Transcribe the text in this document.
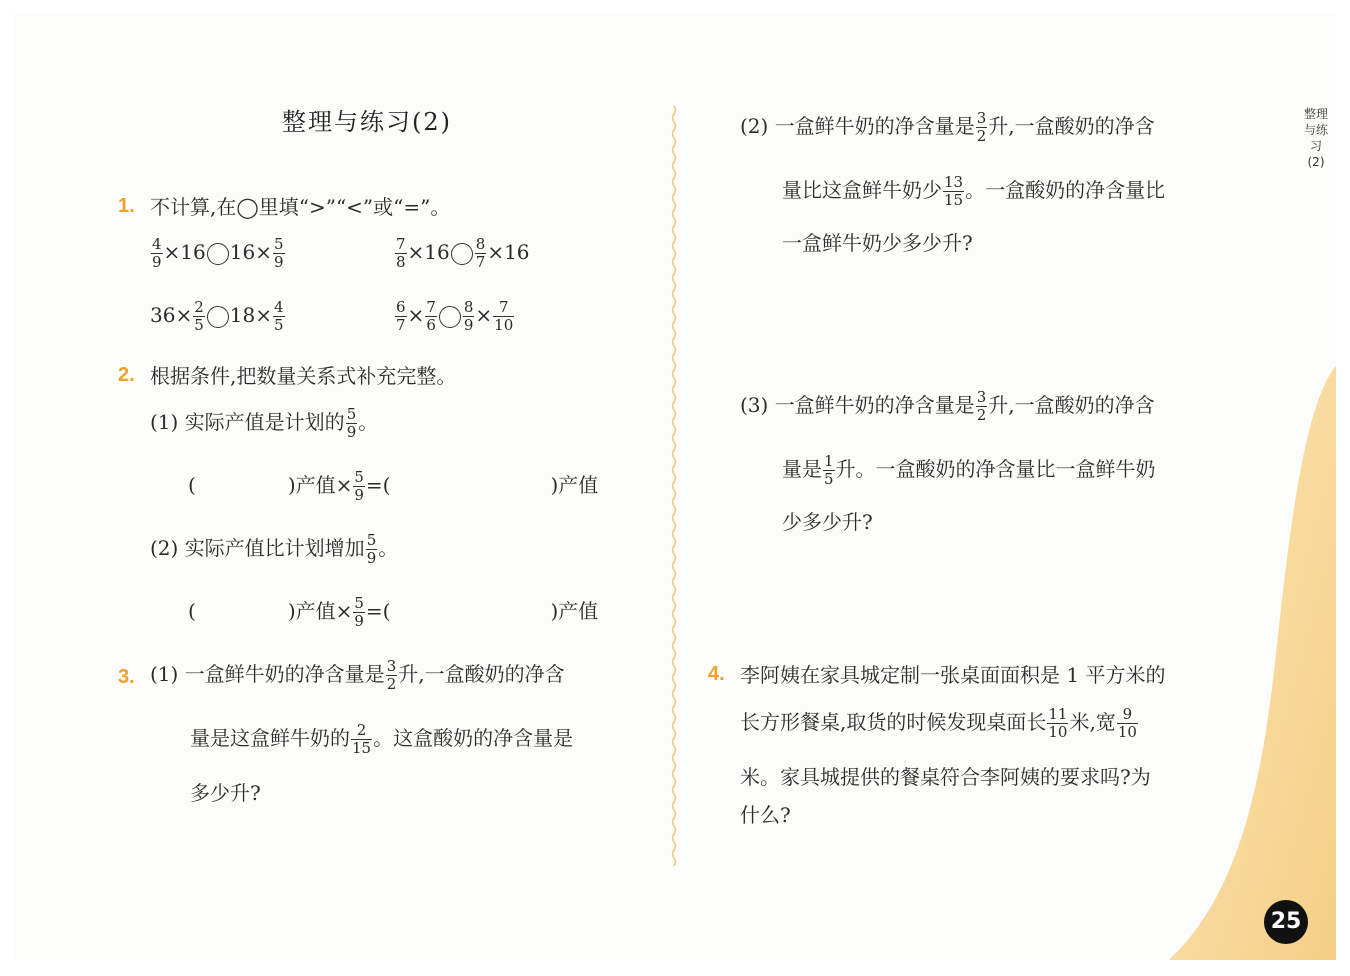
整理与练习(2)
1. 不计算,在◯里填“>”“<”或“=”。
$\frac{4}{9} \times 16$ $16\times \frac{5}{9}$	$\frac{7}{8} \times 16 \frac{8}{7} \times 16$
$36\times \frac{2}{5} 18\times \frac{4}{5}$	$\frac{6}{7} \times \frac{7}{6} \frac{8}{9} \times \frac{7}{10}$
2. 根据条件,把数量关系式补充完整。
(1) 实际产值是计划的 $\frac{5}{9}$ 。
(	)产值× $\frac{5}{9}$ =(	)产值
(2) 实际产值比计划增加 $\frac{5}{9}$ 。
(	)产值× $\frac{5}{9}$ =(	)产值
3. (1) 一盒鲜牛奶的净含量是 $\frac{3}{2}$ 升,一盒酸奶的净含
量是这盒鲜牛奶的 $\frac{2}{15}$ 。这盒酸奶的净含量是
多少升?
(2) 一盒鲜牛奶的净含量是 $\frac{3}{2}$ 升,一盒酸奶的净含
量比这盒鲜牛奶少 $\frac{13}{15}$ 。一盒酸奶的净含量比
一盒鲜牛奶少多少升?
(3) 一盒鲜牛奶的净含量是 $\frac{3}{2}$ 升,一盒酸奶的净含
量是 $\frac{1}{5}$ 升。一盒酸奶的净含量比一盒鲜牛奶
少多少升?
4. 李阿姨在家具城定制一张桌面面积是 1 平方米的
长方形餐桌,取货的时候发现桌面长 $\frac{11}{10}$ 米,宽 $\frac{9}{10}$
米。家具城提供的餐桌符合李阿姨的要求吗?为
什么?
整理与练习(2)
25
